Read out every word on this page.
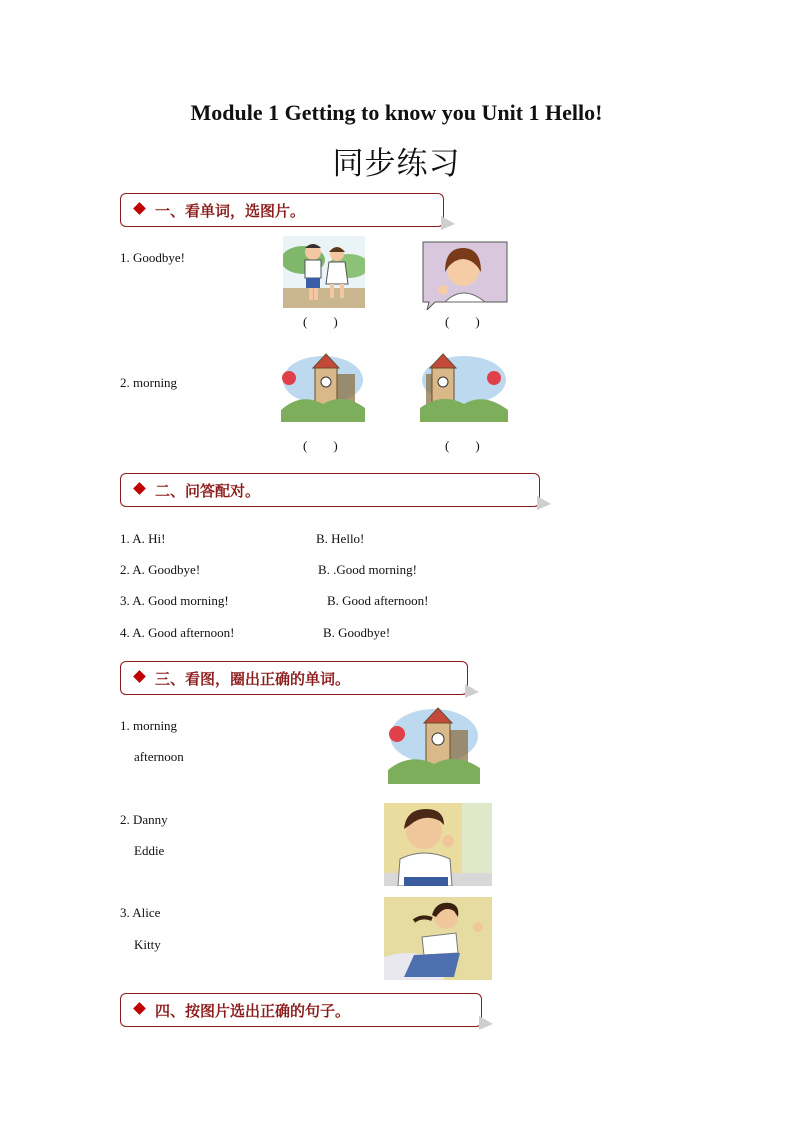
Module 1 Getting to know you Unit 1 Hello!
同步练习
一、看单词，选图片。
1. Goodbye!
(        )	(        )
2. morning
(        )	(        )
二、问答配对。
1. A. Hi!	B. Hello!
2. A. Goodbye!	B. .Good morning!
3. A. Good morning!	B. Good afternoon!
4. A. Good afternoon!	B. Goodbye!
三、看图，圈出正确的单词。
1. morning
afternoon
2. Danny
Eddie
3. Alice
Kitty
四、按图片选出正确的句子。
